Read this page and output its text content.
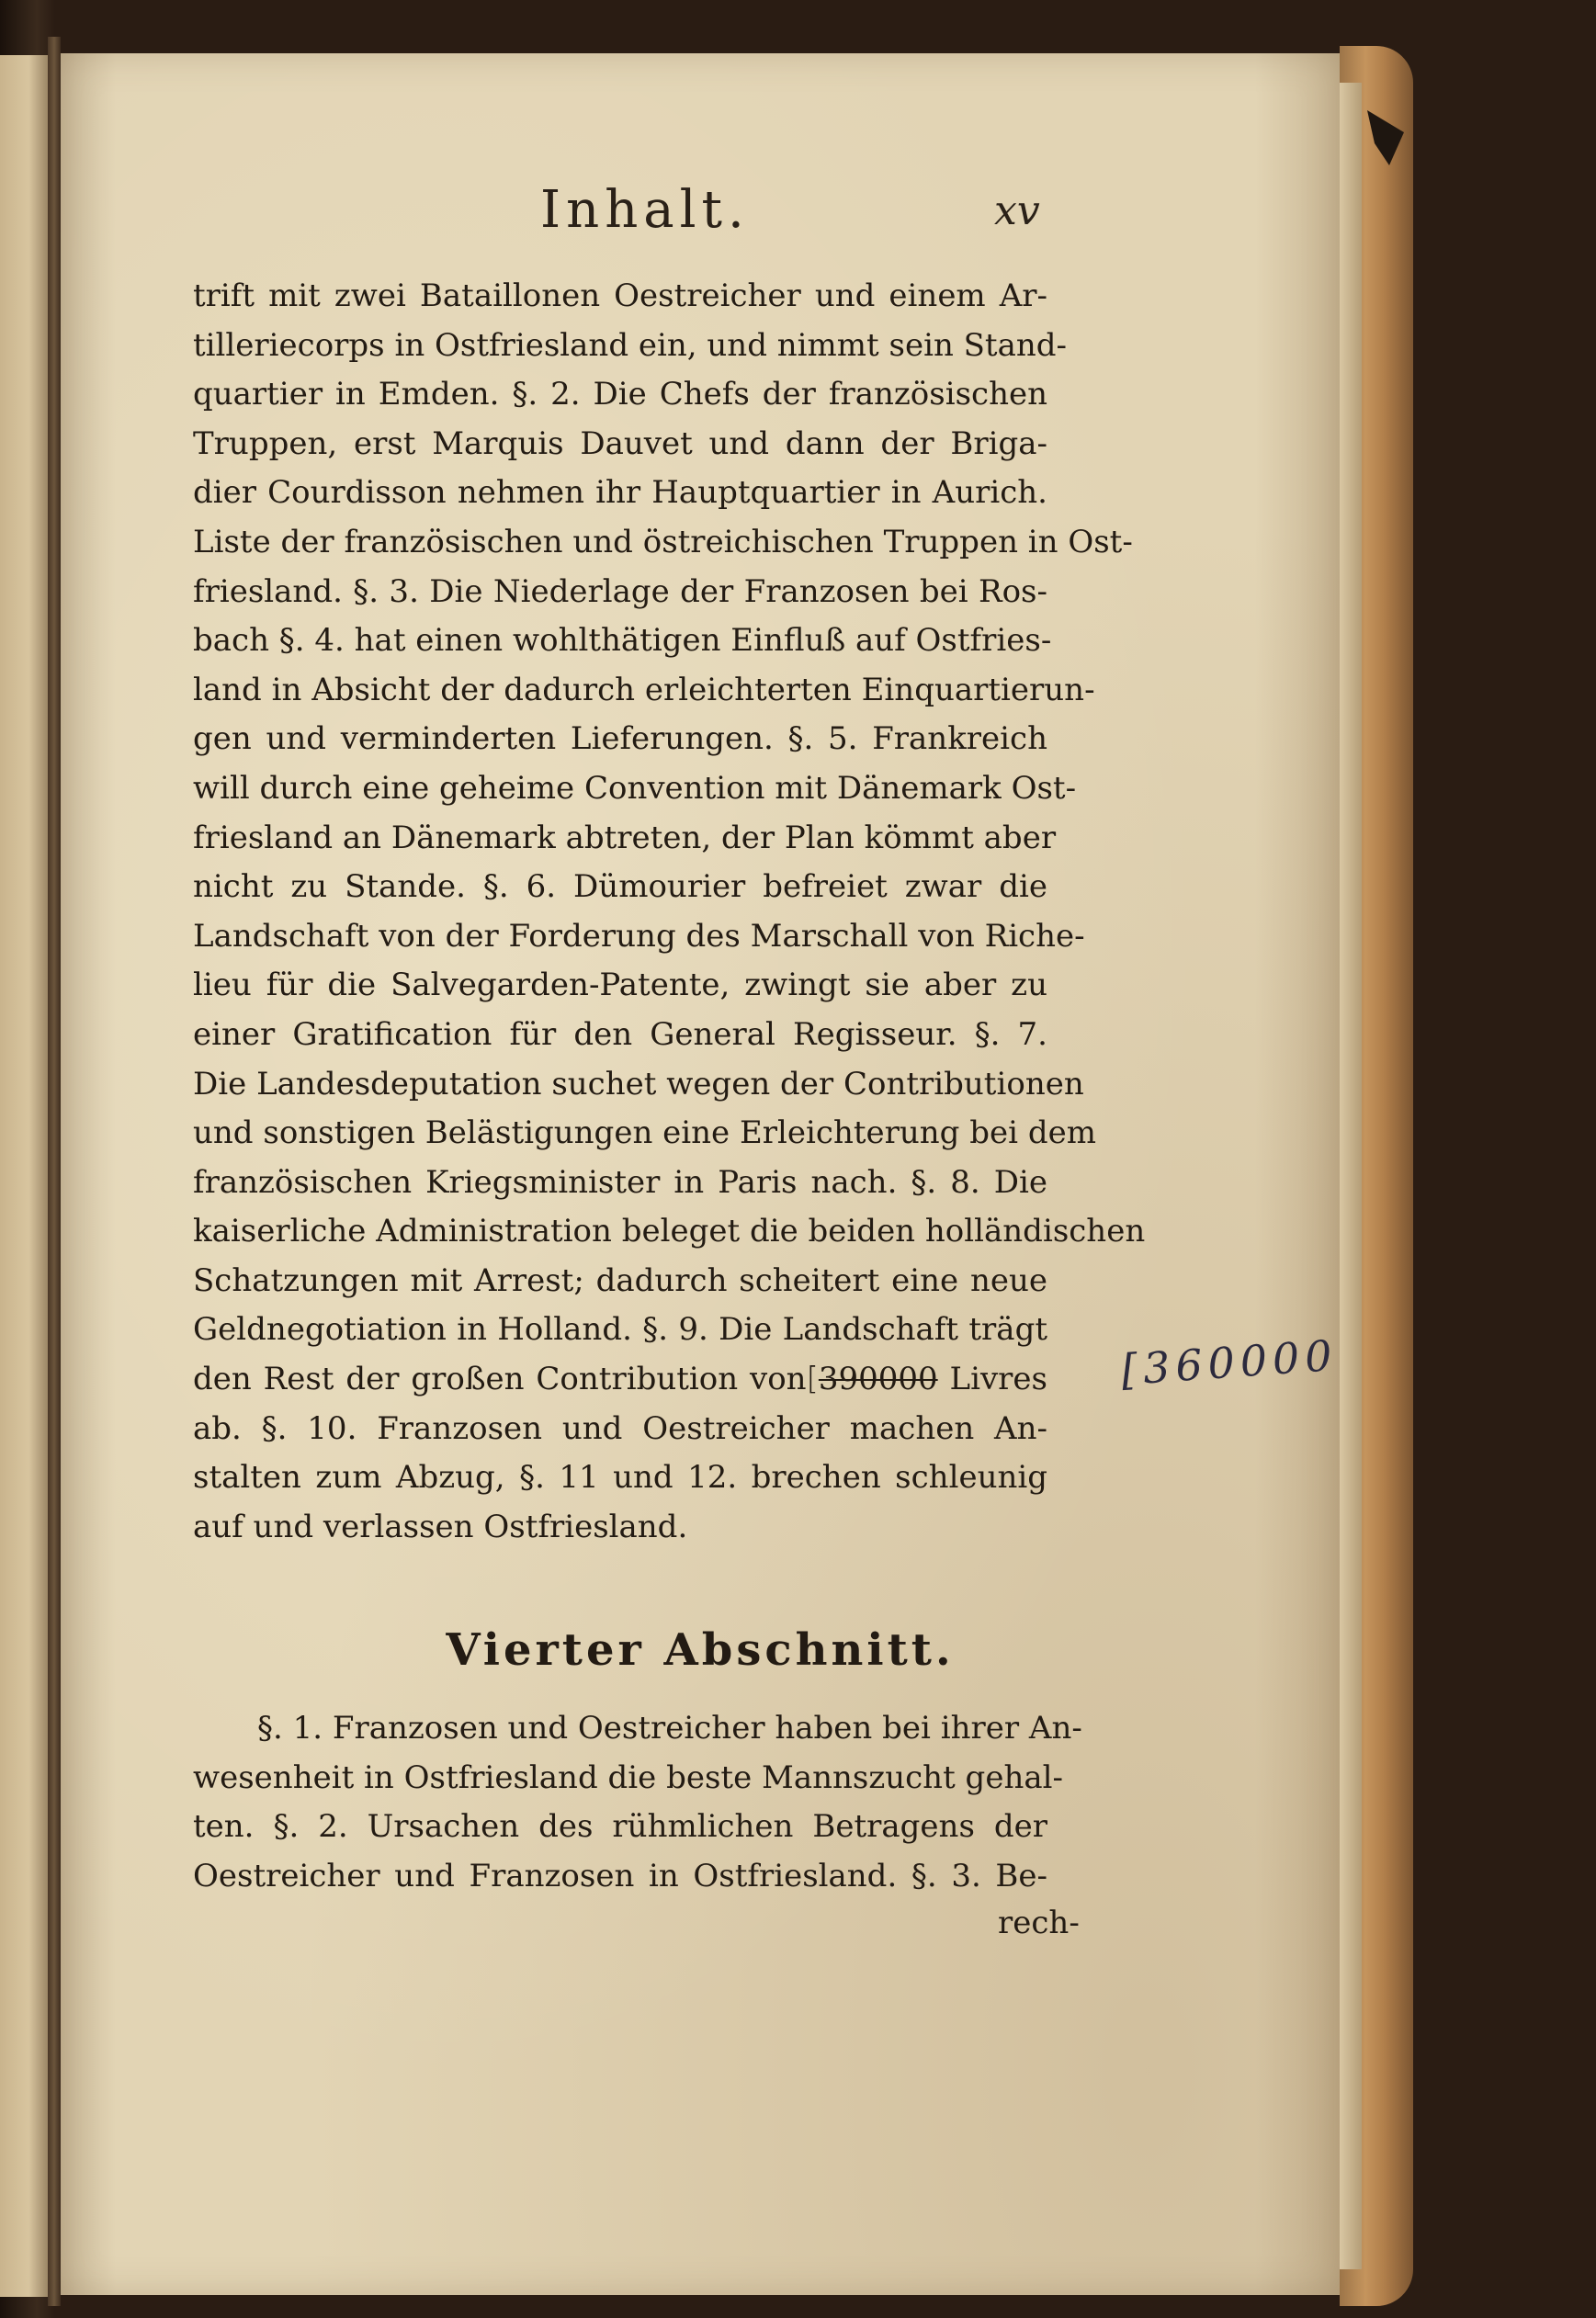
Inhalt.	xv
trift mit zwei Bataillonen Oestreicher und einem Ar-
tilleriecorps in Ostfriesland ein, und nimmt sein Stand-
quartier in Emden. §. 2. Die Chefs der französischen
Truppen, erst Marquis Dauvet und dann der Briga-
dier Courdisson nehmen ihr Hauptquartier in Aurich.
Liste der französischen und östreichischen Truppen in Ost-
friesland. §. 3. Die Niederlage der Franzosen bei Ros-
bach §. 4. hat einen wohlthätigen Einfluß auf Ostfries-
land in Absicht der dadurch erleichterten Einquartierun-
gen und verminderten Lieferungen. §. 5. Frankreich
will durch eine geheime Convention mit Dänemark Ost-
friesland an Dänemark abtreten, der Plan kömmt aber
nicht zu Stande. §. 6. Dümourier befreiet zwar die
Landschaft von der Forderung des Marschall von Riche-
lieu für die Salvegarden-Patente, zwingt sie aber zu
einer Gratification für den General Regisseur. §. 7.
Die Landesdeputation suchet wegen der Contributionen
und sonstigen Belästigungen eine Erleichterung bei dem
französischen Kriegsminister in Paris nach. §. 8. Die
kaiserliche Administration beleget die beiden holländischen
Schatzungen mit Arrest; dadurch scheitert eine neue
Geldnegotiation in Holland. §. 9. Die Landschaft trägt
den Rest der großen Contribution von[390000 Livres
ab. §. 10. Franzosen und Oestreicher machen An-
stalten zum Abzug, §. 11 und 12. brechen schleunig
auf und verlassen Ostfriesland.
[360000
Vierter Abschnitt.
§. 1. Franzosen und Oestreicher haben bei ihrer An-
wesenheit in Ostfriesland die beste Mannszucht gehal-
ten. §. 2. Ursachen des rühmlichen Betragens der
Oestreicher und Franzosen in Ostfriesland. §. 3. Be-
rech-
